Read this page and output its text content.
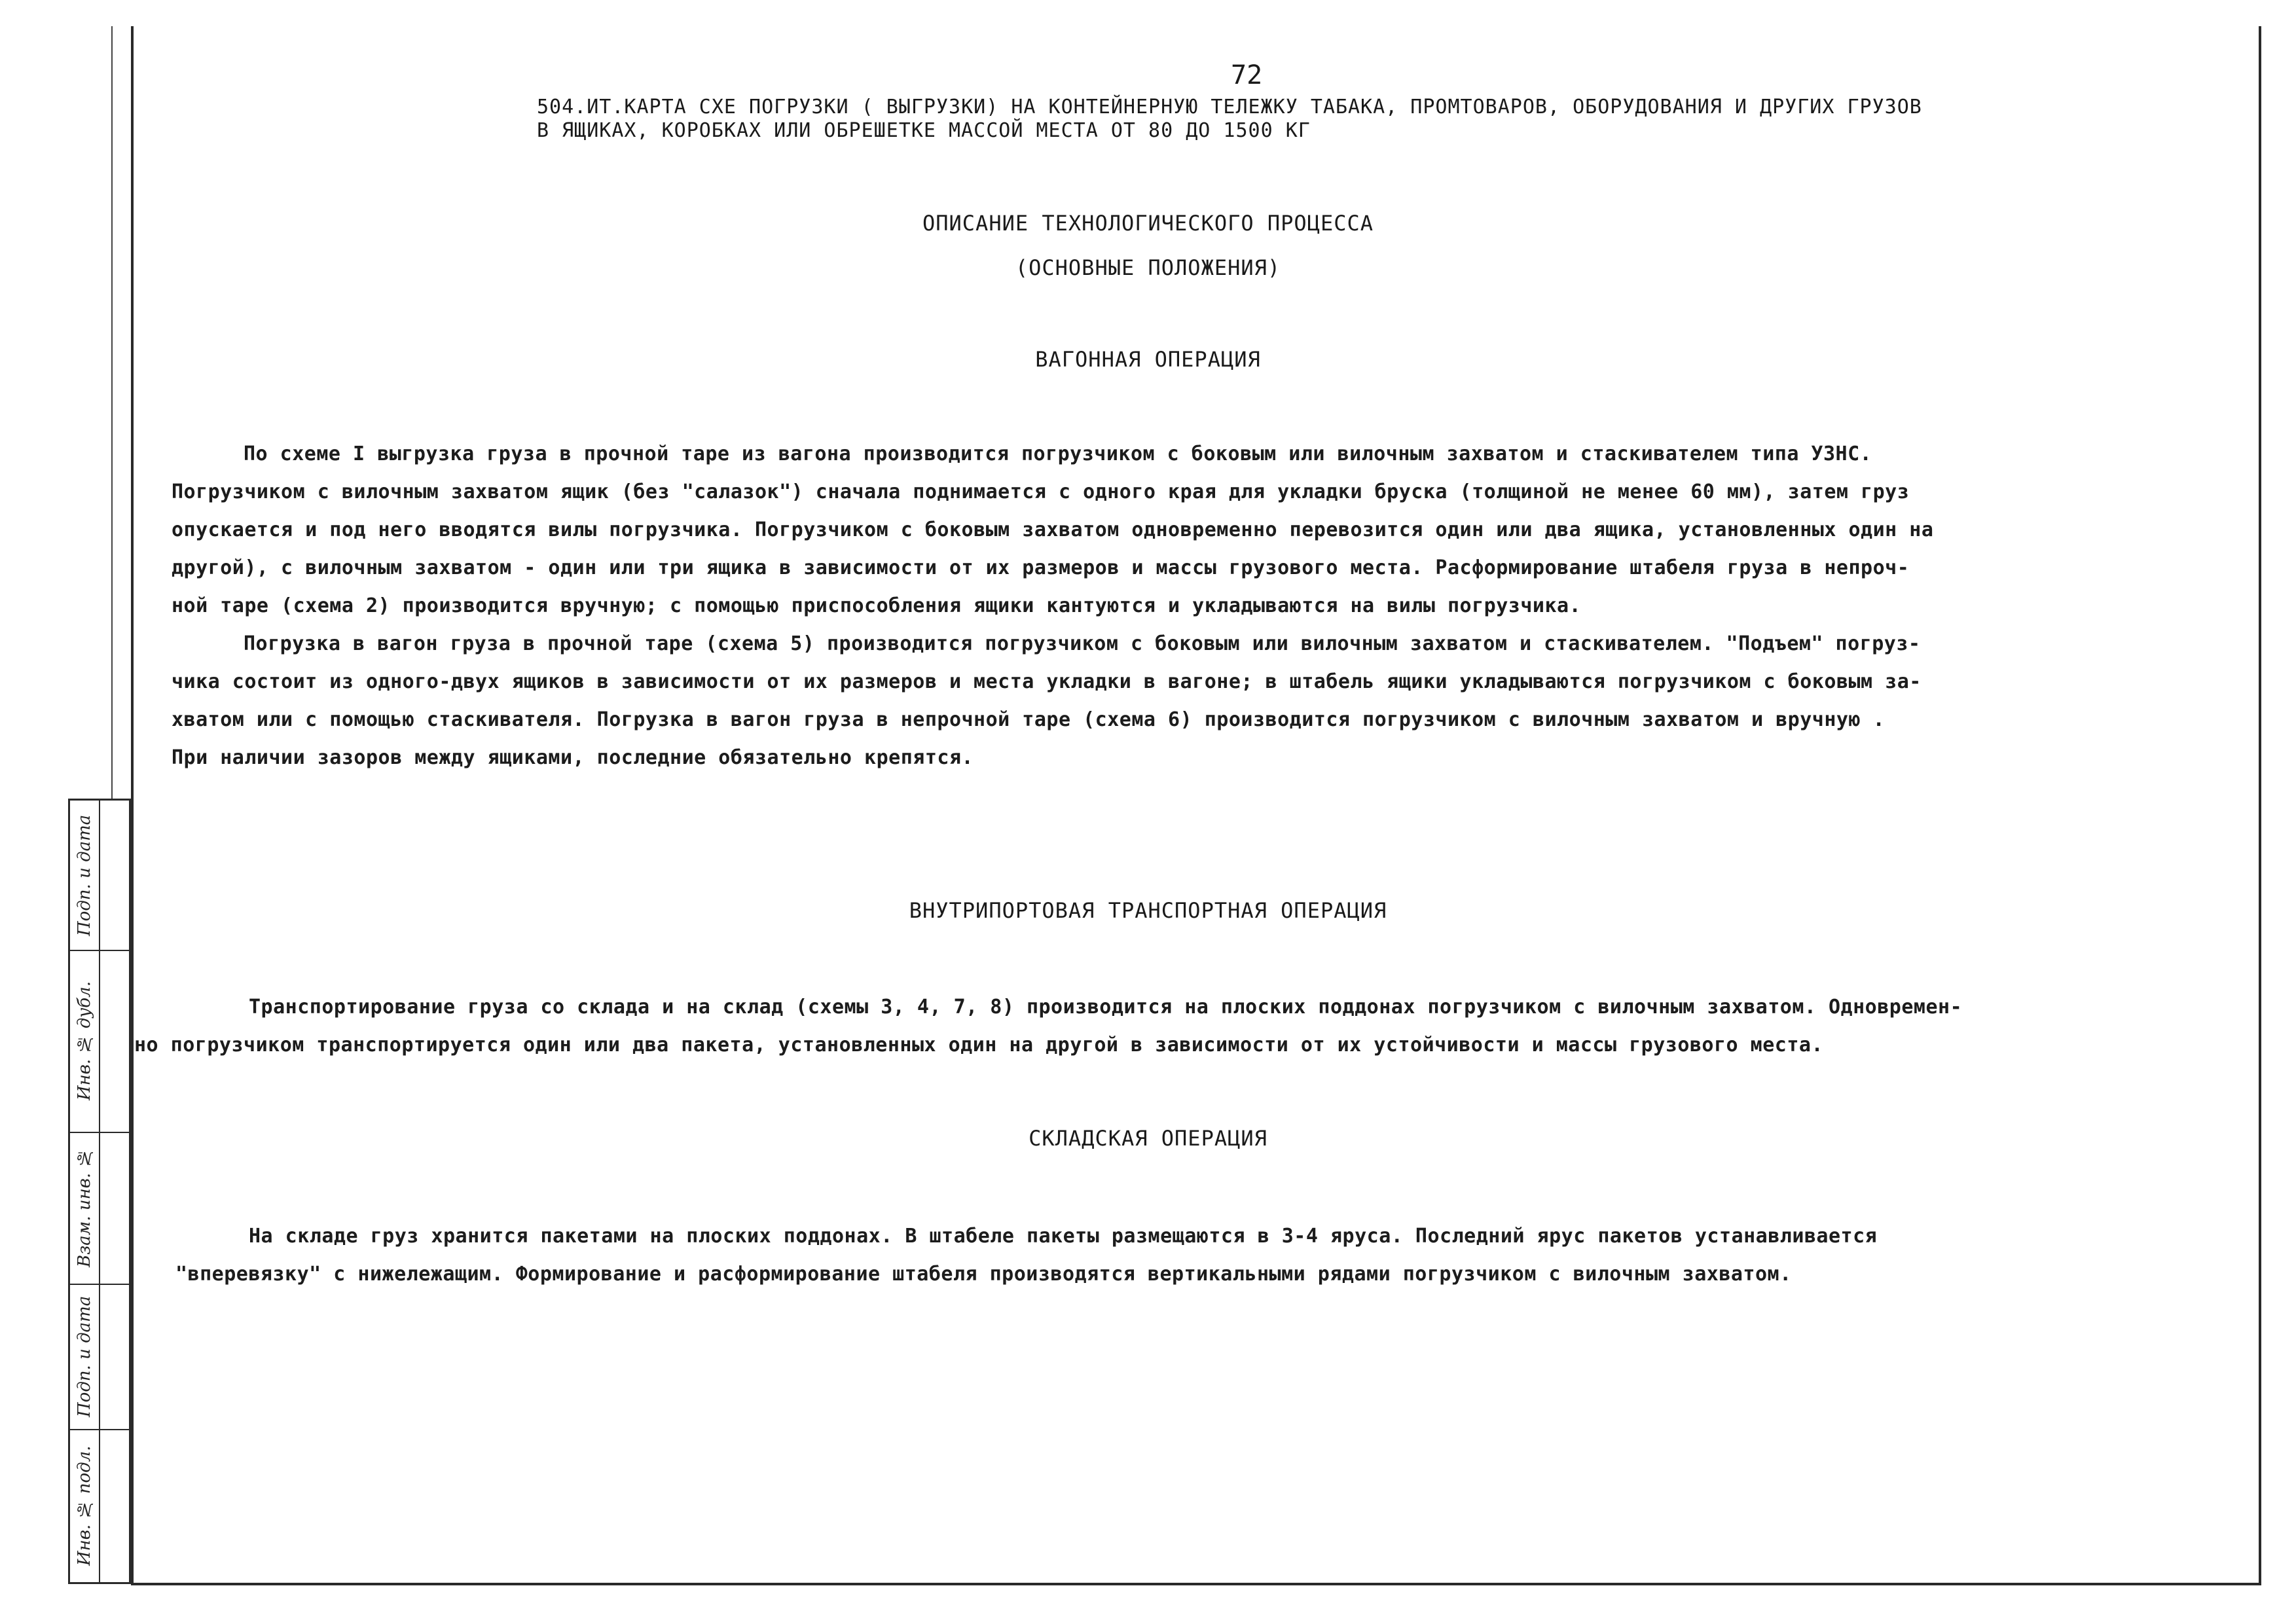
Подп. и дата
Инв. № дубл.
Взам. инв. №
Подп. и дата
Инв. № подл.
72
504.ИТ.КАРТА СХЕ ПОГРУЗКИ ( ВЫГРУЗКИ) НА КОНТЕЙНЕРНУЮ ТЕЛЕЖКУ ТАБАКА, ПРОМТОВАРОВ, ОБОРУДОВАНИЯ И ДРУГИХ ГРУЗОВ
В ЯЩИКАХ, КОРОБКАХ ИЛИ ОБРЕШЕТКЕ МАССОЙ МЕСТА ОТ 80 ДО 1500 КГ
ОПИСАНИЕ ТЕХНОЛОГИЧЕСКОГО ПРОЦЕССА
(ОСНОВНЫЕ ПОЛОЖЕНИЯ)
ВАГОННАЯ ОПЕРАЦИЯ
По схеме I выгрузка груза в прочной таре из вагона производится погрузчиком с боковым или вилочным захватом и стаскивателем типа УЗНС.
Погрузчиком с вилочным захватом ящик (без "салазок") сначала поднимается с одного края для укладки бруска (толщиной не менее 60 мм), затем груз
опускается и под него вводятся вилы погрузчика. Погрузчиком с боковым захватом одновременно перевозится один или два ящика, установленных один на
другой), с вилочным захватом - один или три ящика в зависимости от их размеров и массы грузового места. Расформирование штабеля груза в непроч-
ной таре (схема 2) производится вручную; с помощью приспособления ящики кантуются и укладываются на вилы погрузчика.
Погрузка в вагон груза в прочной таре (схема 5) производится погрузчиком с боковым или вилочным захватом и стаскивателем. "Подъем" погруз-
чика состоит из одного-двух ящиков в зависимости от их размеров и места укладки в вагоне; в штабель ящики укладываются погрузчиком с боковым за-
хватом или с помощью стаскивателя. Погрузка в вагон груза в непрочной таре (схема 6) производится погрузчиком с вилочным захватом и вручную .
При наличии зазоров между ящиками, последние обязательно крепятся.
ВНУТРИПОРТОВАЯ ТРАНСПОРТНАЯ ОПЕРАЦИЯ
Транспортирование груза со склада и на склад (схемы 3, 4, 7, 8) производится на плоских поддонах погрузчиком с вилочным захватом. Одновремен-
но погрузчиком транспортируется один или два пакета, установленных один на другой в зависимости от их устойчивости и массы грузового места.
СКЛАДСКАЯ ОПЕРАЦИЯ
На складе груз хранится пакетами на плоских поддонах. В штабеле пакеты размещаются в 3-4 яруса. Последний ярус пакетов устанавливается
"вперевязку" с нижележащим. Формирование и расформирование штабеля производятся вертикальными рядами погрузчиком с вилочным захватом.
